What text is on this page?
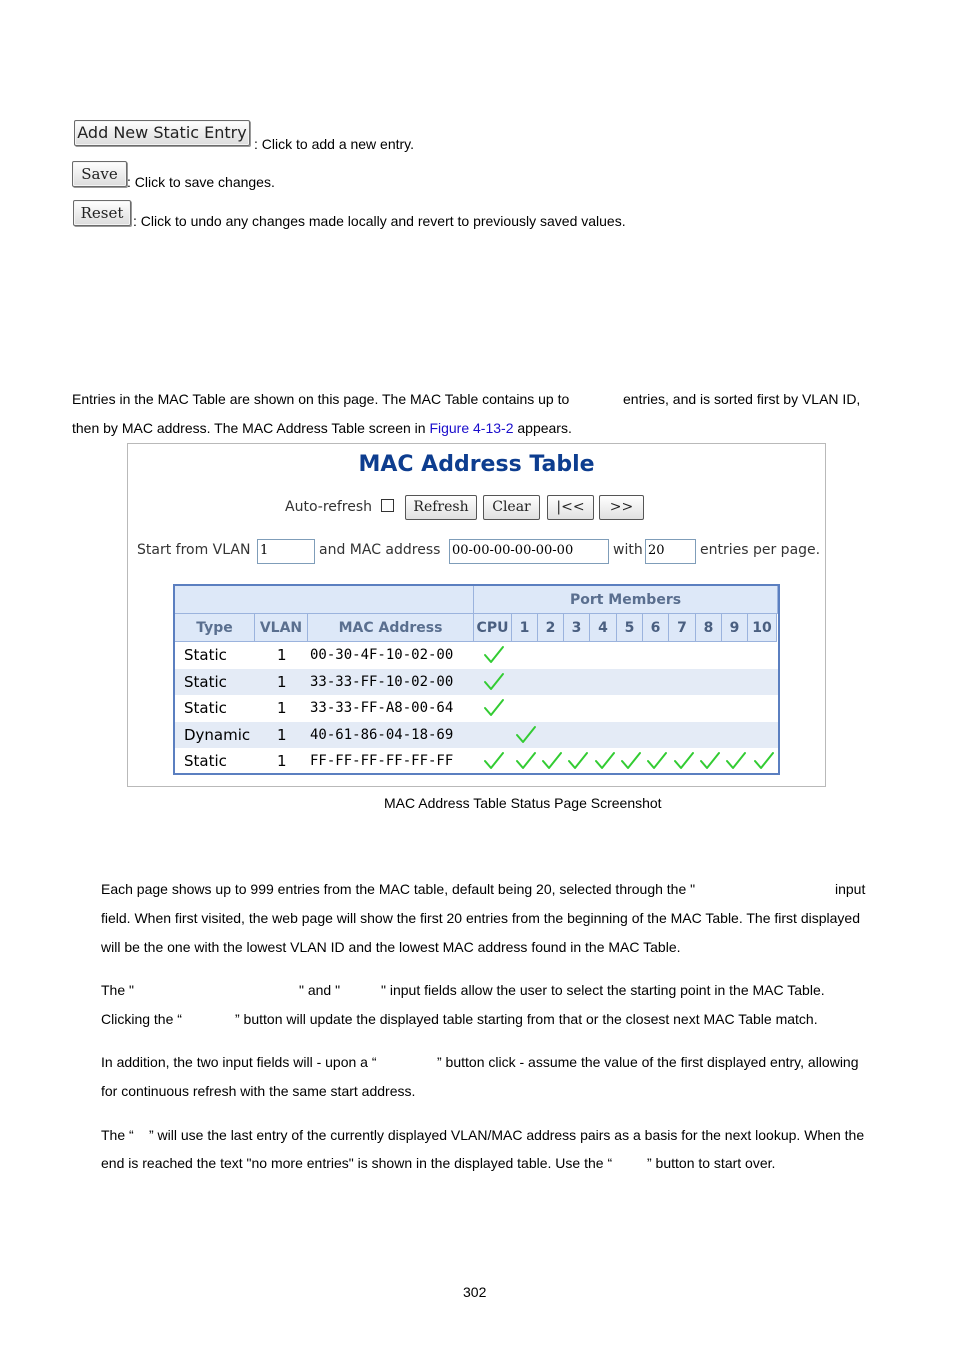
Add New Static Entry
: Click to add a new entry.
Save : Click to save changes.
Reset : Click to undo any changes made locally and revert to previously saved values.
Entries in the MAC Table are shown on this page. The MAC Table contains up to	entries, and is sorted first by VLAN ID,
then by MAC address. The MAC Address Table screen in Figure 4-13-2 appears.
MAC Address Table
Auto-refresh	Refresh	Clear	|<<	>>
Start from VLAN 1	and MAC address 00-00-00-00-00-00	with 20	entries per page.
Port Members
Type	VLAN	MAC Address	CPU 1	2	3	4	5	6	7	8	9 10
Static	1 00-30-4F-10-02-00
Static	1 33-33-FF-10-02-00
Static	1 33-33-FF-A8-00-64
Dynamic 1 40-61-86-04-18-69
Static	1 FF-FF-FF-FF-FF-FF
MAC Address Table Status Page Screenshot
Each page shows up to 999 entries from the MAC table, default being 20, selected through the "	input
field. When first visited, the web page will show the first 20 entries from the beginning of the MAC Table. The first displayed
will be the one with the lowest VLAN ID and the lowest MAC address found in the MAC Table.
The "	" and "	" input fields allow the user to select the starting point in the MAC Table.
Clicking the “	” button will update the displayed table starting from that or the closest next MAC Table match.
In addition, the two input fields will - upon a “	” button click - assume the value of the first displayed entry, allowing
for continuous refresh with the same start address.
The “ ” will use the last entry of the currently displayed VLAN/MAC address pairs as a basis for the next lookup. When the
end is reached the text "no more entries" is shown in the displayed table. Use the “ ” button to start over.
302
